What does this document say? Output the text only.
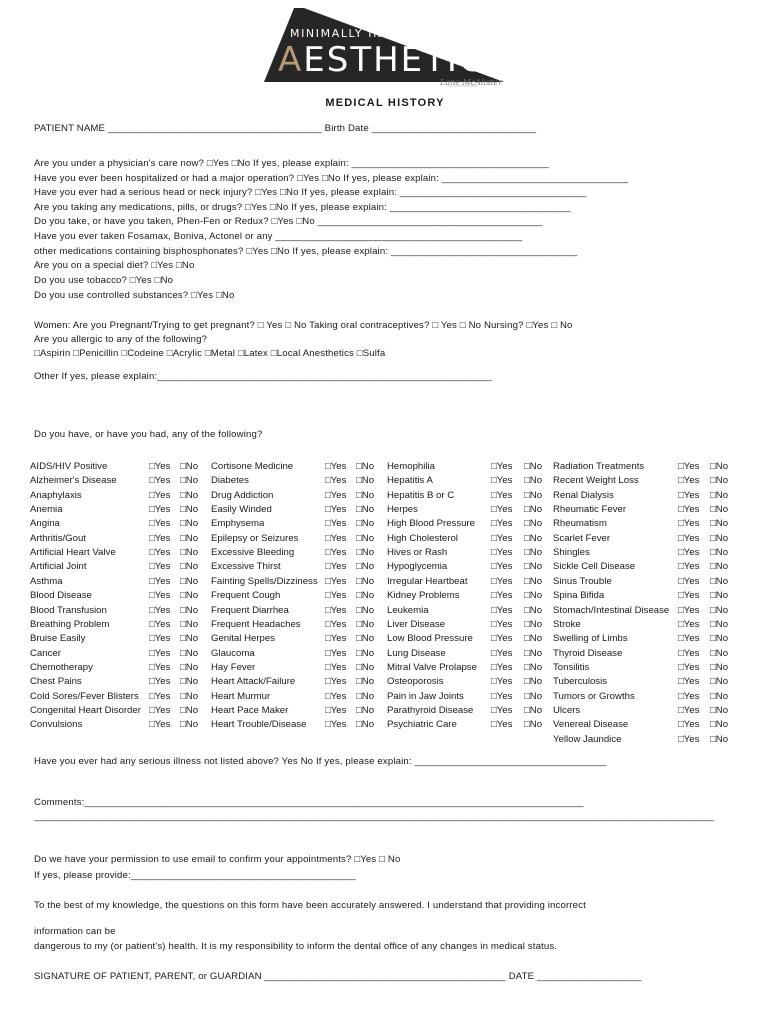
MINIMALLY INVASIVE DENTAL
AESTHETICS
Lane McAlister
MEDICAL HISTORY
PATIENT NAME _______________________________________ Birth Date ______________________________
Are you under a physician's care now? □Yes □No If yes, please explain: ____________________________________
Have you ever been hospitalized or had a major operation? □Yes □No If yes, please explain: __________________________________
Have you ever had a serious head or neck injury? □Yes □No If yes, please explain: __________________________________
Are you taking any medications, pills, or drugs? □Yes □No If yes, please explain: _________________________________
Do you take, or have you taken, Phen-Fen or Redux? □Yes □No _________________________________________
Have you ever taken Fosamax, Boniva, Actonel or any _____________________________________________
other medications containing bisphosphonates? □Yes □No If yes, please explain: __________________________________
Are you on a special diet? □Yes □No
Do you use tobacco? □Yes □No
Do you use controlled substances? □Yes □No
Women: Are you Pregnant/Trying to get pregnant? □ Yes □ No Taking oral contraceptives? □ Yes □ No Nursing? □Yes □ No
Are you allergic to any of the following?
□Aspirin □Penicillin □Codeine □Acrylic □Metal □Latex □Local Anesthetics □Sulfa
Other If yes, please explain:_____________________________________________________________
Do you have, or have you had, any of the following?
AIDS/HIV Positive	□Yes □No Cortisone Medicine	□Yes □No Hemophilia	□Yes □No Radiation Treatments	□Yes □No
Alzheimer's Disease	□Yes □No Diabetes	□Yes □No Hepatitis A	□Yes □No Recent Weight Loss	□Yes □No
Anaphylaxis	□Yes □No Drug Addiction	□Yes □No Hepatitis B or C	□Yes □No Renal Dialysis	□Yes □No
Anemia	□Yes □No Easily Winded	□Yes □No Herpes	□Yes □No Rheumatic Fever	□Yes □No
Angina	□Yes □No Emphysema	□Yes □No High Blood Pressure □Yes □No Rheumatism	□Yes □No
Arthritis/Gout	□Yes □No Epilepsy or Seizures	□Yes □No High Cholesterol	□Yes □No Scarlet Fever	□Yes □No
Artificial Heart Valve	□Yes □No Excessive Bleeding	□Yes □No Hives or Rash	□Yes □No Shingles	□Yes □No
Artificial Joint	□Yes □No Excessive Thirst	□Yes □No Hypoglycemia	□Yes □No Sickle Cell Disease	□Yes □No
Asthma	□Yes □No Fainting Spells/Dizziness □Yes □No Irregular Heartbeat □Yes □No Sinus Trouble	□Yes □No
Blood Disease	□Yes □No Frequent Cough	□Yes □No Kidney Problems	□Yes □No Spina Bifida	□Yes □No
Blood Transfusion	□Yes □No Frequent Diarrhea	□Yes □No Leukemia	□Yes □No Stomach/Intestinal Disease □Yes □No
Breathing Problem	□Yes □No Frequent Headaches	□Yes □No Liver Disease	□Yes □No Stroke	□Yes □No
Bruise Easily	□Yes □No Genital Herpes	□Yes □No Low Blood Pressure □Yes □No Swelling of Limbs	□Yes □No
Cancer	□Yes □No Glaucoma	□Yes □No Lung Disease	□Yes □No Thyroid Disease	□Yes □No
Chemotherapy	□Yes □No Hay Fever	□Yes □No Mitral Valve Prolapse □Yes □No Tonsilitis	□Yes □No
Chest Pains	□Yes □No Heart Attack/Failure	□Yes □No Osteoporosis	□Yes □No Tuberculosis	□Yes □No
Cold Sores/Fever Blisters □Yes □No Heart Murmur	□Yes □No Pain in Jaw Joints	□Yes □No Tumors or Growths	□Yes □No
Congenital Heart Disorder □Yes □No Heart Pace Maker	□Yes □No Parathyroid Disease □Yes □No Ulcers	□Yes □No
Convulsions	□Yes □No Heart Trouble/Disease □Yes □No Psychiatric Care	□Yes □No Venereal Disease	□Yes □No
Yellow Jaundice	□Yes □No
Have you ever had any serious illness not listed above? Yes No If yes, please explain: ___________________________________
Comments:___________________________________________________________________________________________
____________________________________________________________________________________________________________________________
Do we have your permission to use email to confirm your appointments? □Yes □ No
If yes, please provide:_________________________________________
To the best of my knowledge, the questions on this form have been accurately answered. I understand that providing incorrect
information can be
dangerous to my (or patient's) health. It is my responsibility to inform the dental office of any changes in medical status.
SIGNATURE OF PATIENT, PARENT, or GUARDIAN ____________________________________________ DATE ___________________
